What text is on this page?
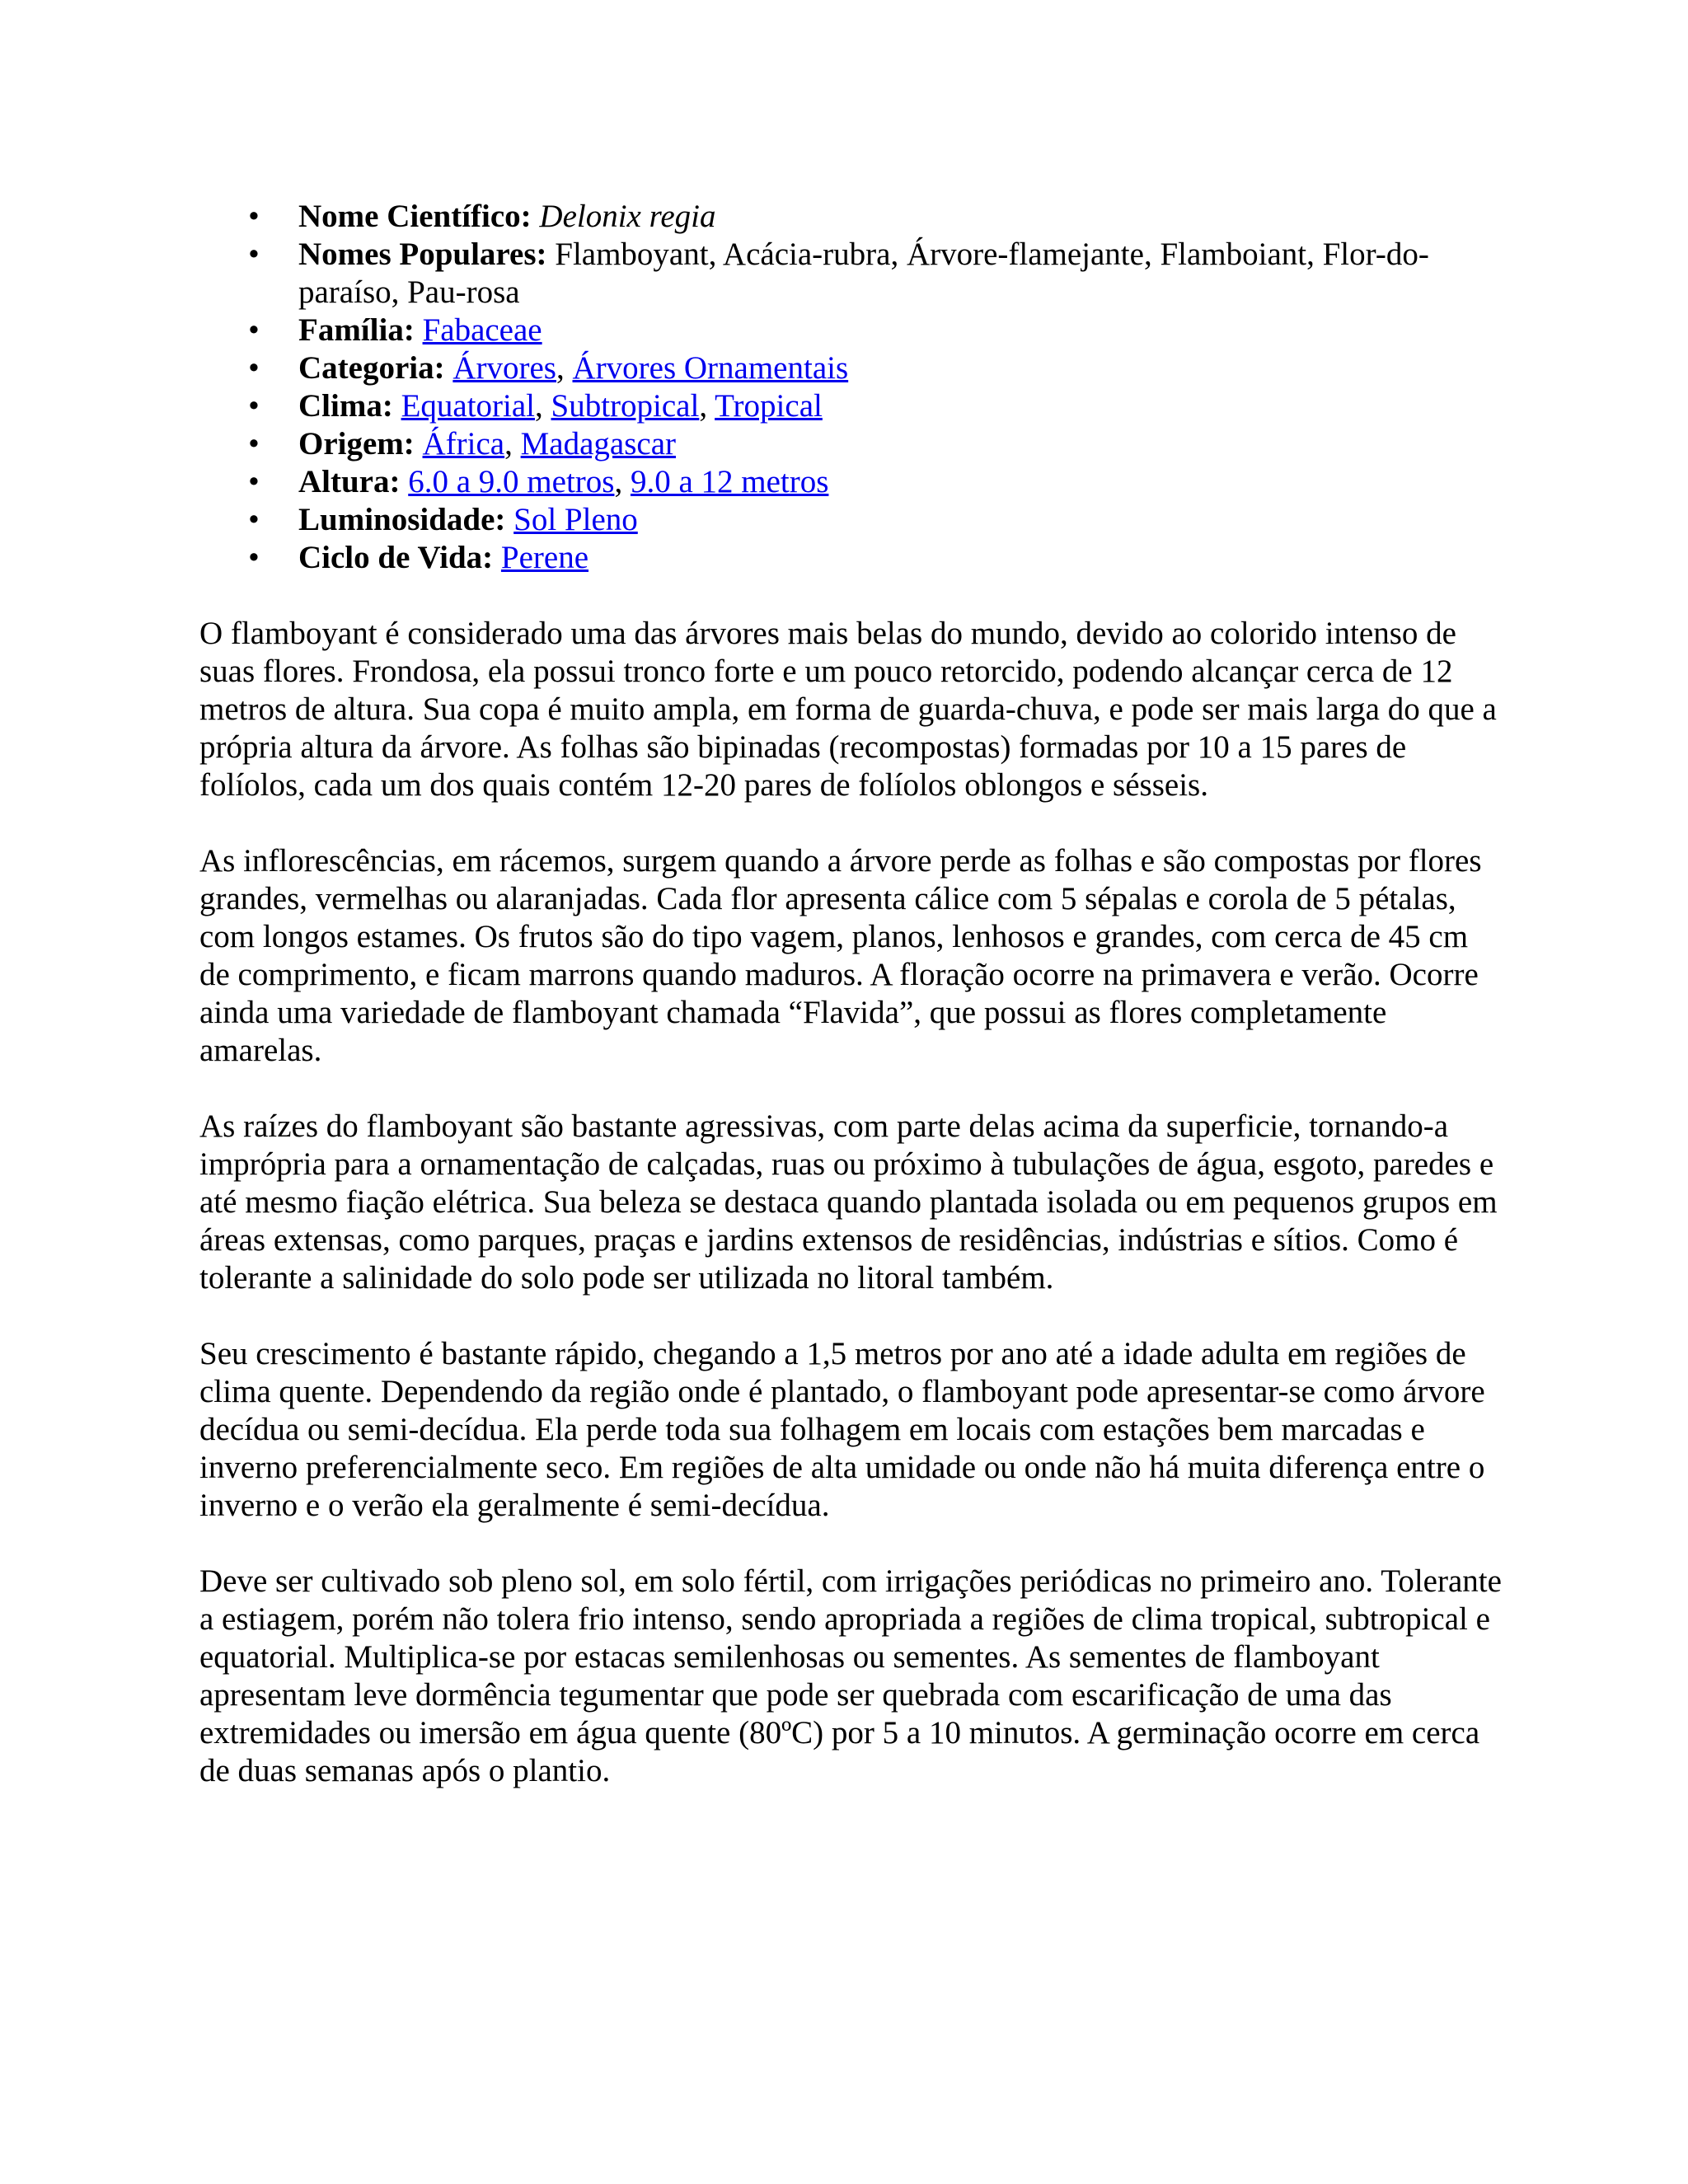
• Nome Científico: Delonix regia
• Nomes Populares: Flamboyant, Acácia-rubra, Árvore-flamejante, Flamboiant, Flor-do-paraíso, Pau-rosa
• Família: Fabaceae
• Categoria: Árvores, Árvores Ornamentais
• Clima: Equatorial, Subtropical, Tropical
• Origem: África, Madagascar
• Altura: 6.0 a 9.0 metros, 9.0 a 12 metros
• Luminosidade: Sol Pleno
• Ciclo de Vida: Perene

O flamboyant é considerado uma das árvores mais belas do mundo, devido ao colorido intenso de suas flores. Frondosa, ela possui tronco forte e um pouco retorcido, podendo alcançar cerca de 12 metros de altura. Sua copa é muito ampla, em forma de guarda-chuva, e pode ser mais larga do que a própria altura da árvore. As folhas são bipinadas (recompostas) formadas por 10 a 15 pares de folíolos, cada um dos quais contém 12-20 pares de folíolos oblongos e sésseis.

As inflorescências, em rácemos, surgem quando a árvore perde as folhas e são compostas por flores grandes, vermelhas ou alaranjadas. Cada flor apresenta cálice com 5 sépalas e corola de 5 pétalas, com longos estames. Os frutos são do tipo vagem, planos, lenhosos e grandes, com cerca de 45 cm de comprimento, e ficam marrons quando maduros. A floração ocorre na primavera e verão. Ocorre ainda uma variedade de flamboyant chamada “Flavida”, que possui as flores completamente amarelas.

As raízes do flamboyant são bastante agressivas, com parte delas acima da superficie, tornando-a imprópria para a ornamentação de calçadas, ruas ou próximo à tubulações de água, esgoto, paredes e até mesmo fiação elétrica. Sua beleza se destaca quando plantada isolada ou em pequenos grupos em áreas extensas, como parques, praças e jardins extensos de residências, indústrias e sítios. Como é tolerante a salinidade do solo pode ser utilizada no litoral também.

Seu crescimento é bastante rápido, chegando a 1,5 metros por ano até a idade adulta em regiões de clima quente. Dependendo da região onde é plantado, o flamboyant pode apresentar-se como árvore decídua ou semi-decídua. Ela perde toda sua folhagem em locais com estações bem marcadas e inverno preferencialmente seco. Em regiões de alta umidade ou onde não há muita diferença entre o inverno e o verão ela geralmente é semi-decídua.

Deve ser cultivado sob pleno sol, em solo fértil, com irrigações periódicas no primeiro ano. Tolerante a estiagem, porém não tolera frio intenso, sendo apropriada a regiões de clima tropical, subtropical e equatorial. Multiplica-se por estacas semilenhosas ou sementes. As sementes de flamboyant apresentam leve dormência tegumentar que pode ser quebrada com escarificação de uma das extremidades ou imersão em água quente (80ºC) por 5 a 10 minutos. A germinação ocorre em cerca de duas semanas após o plantio.
